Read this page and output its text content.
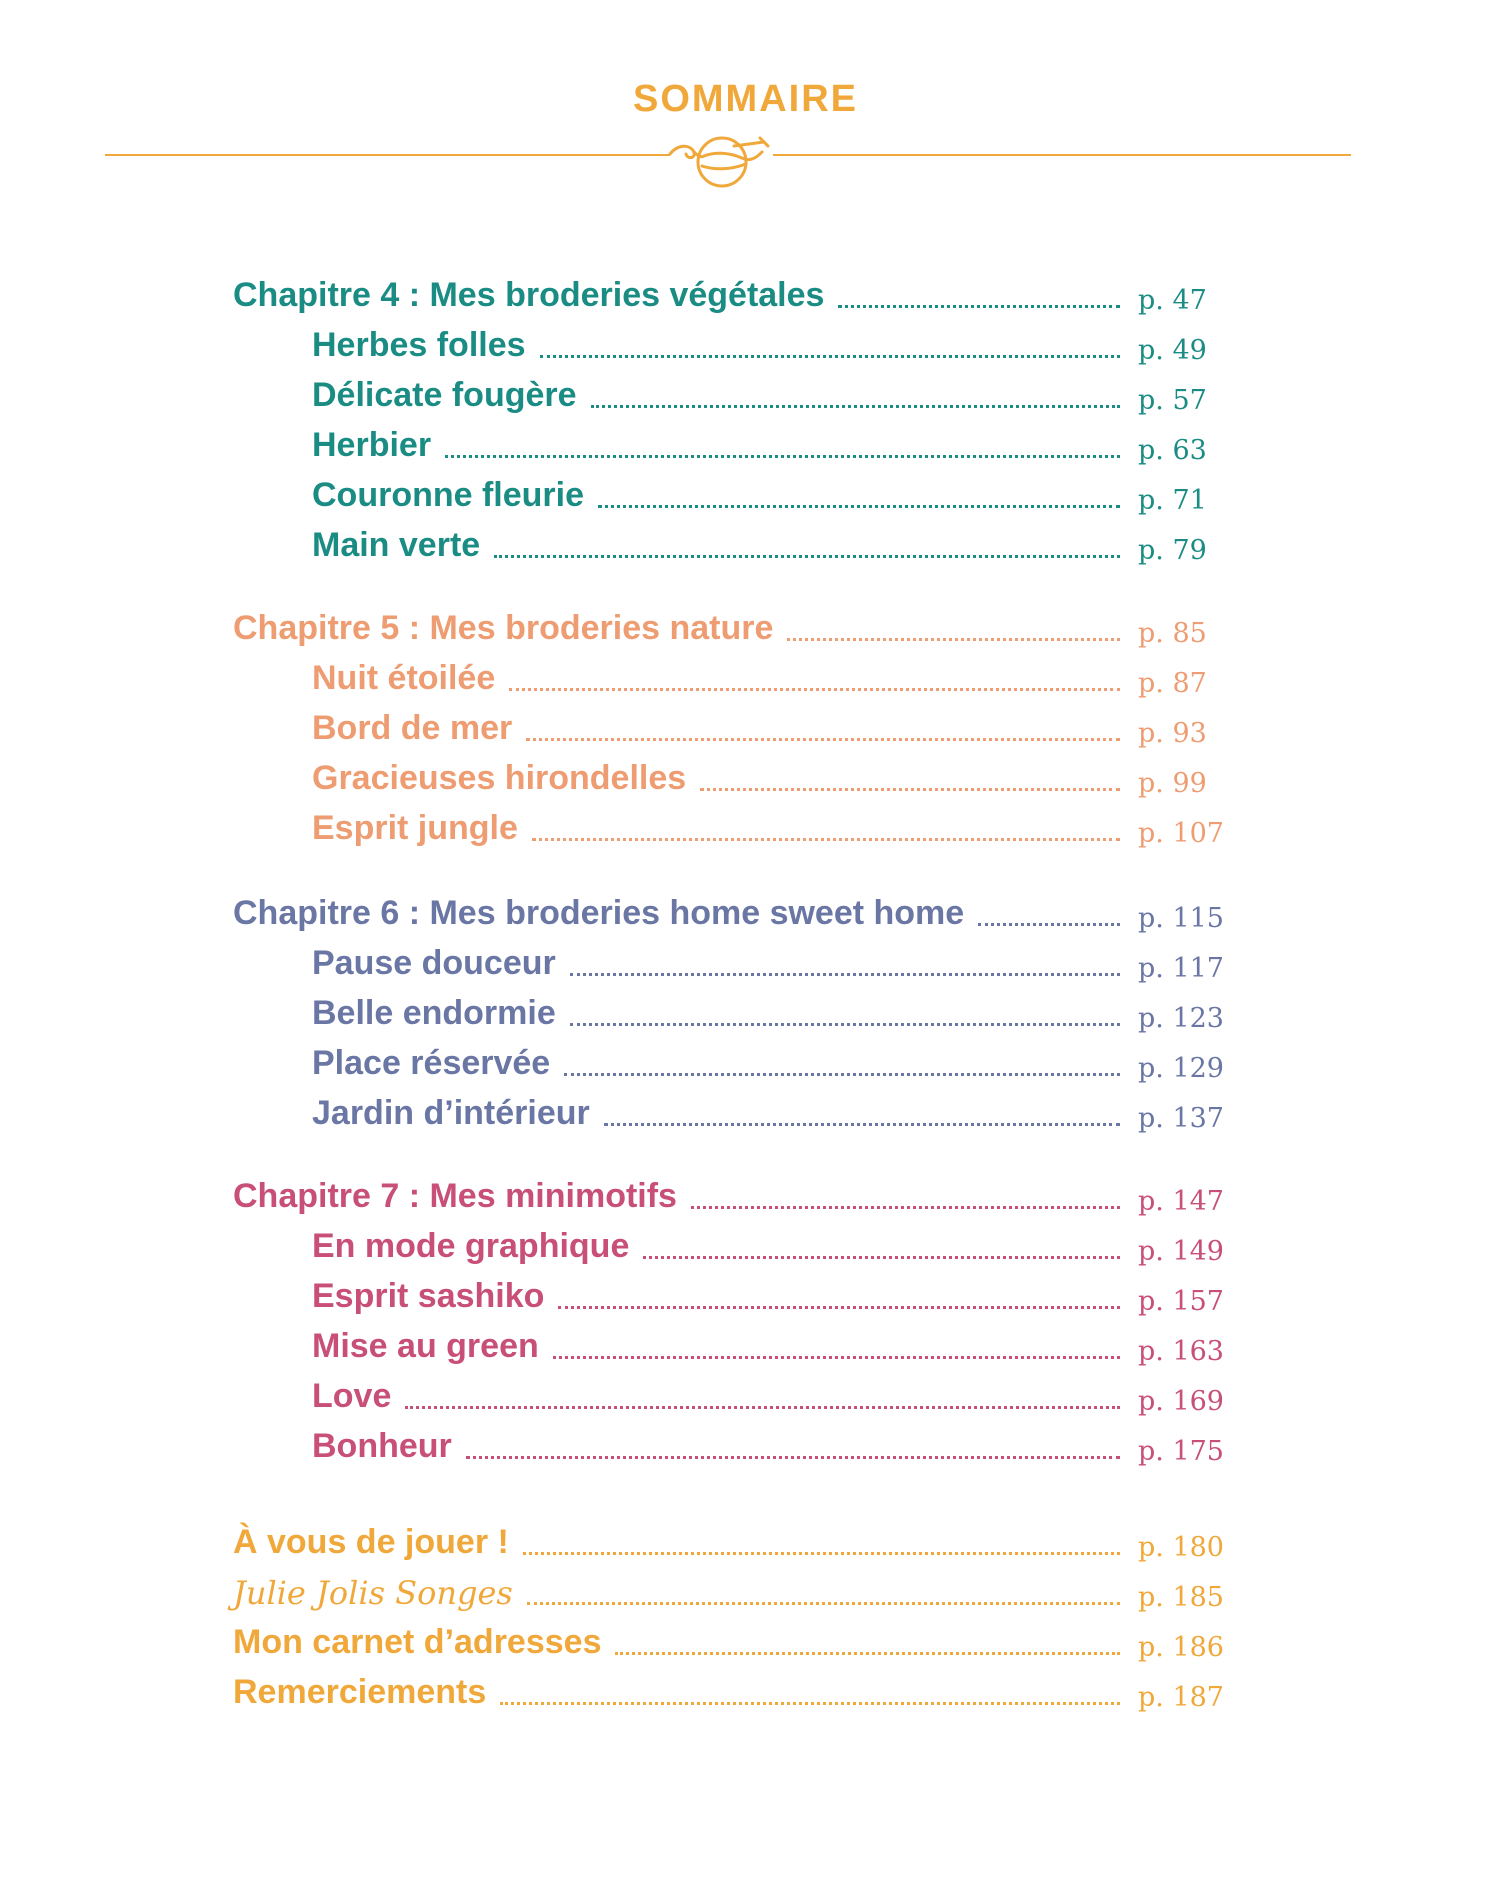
SOMMAIRE
Chapitre 4 : Mes broderies végétales	p. 47
Herbes folles	p. 49
Délicate fougère	p. 57
Herbier	p. 63
Couronne fleurie	p. 71
Main verte	p. 79
Chapitre 5 : Mes broderies nature	p. 85
Nuit étoilée	p. 87
Bord de mer	p. 93
Gracieuses hirondelles	p. 99
Esprit jungle	p. 107
Chapitre 6 : Mes broderies home sweet home	p. 115
Pause douceur	p. 117
Belle endormie	p. 123
Place réservée	p. 129
Jardin d’intérieur	p. 137
Chapitre 7 : Mes minimotifs	p. 147
En mode graphique	p. 149
Esprit sashiko	p. 157
Mise au green	p. 163
Love	p. 169
Bonheur	p. 175
À vous de jouer !	p. 180
Julie Jolis Songes	p. 185
Mon carnet d’adresses	p. 186
Remerciements	p. 187
